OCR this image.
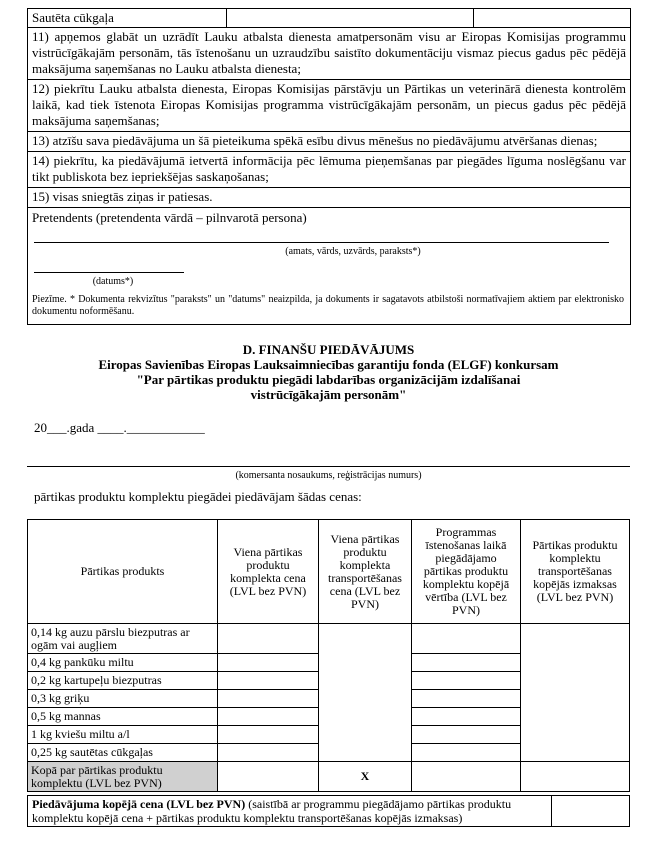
Sautēta cūkgaļa
11) apņemos glabāt un uzrādīt Lauku atbalsta dienesta amatpersonām visu ar Eiropas Komisijas programmu vistrūcīgākajām personām, tās īstenošanu un uzraudzību saistīto dokumentāciju vismaz piecus gadus pēc pēdējā maksājuma saņemšanas no Lauku atbalsta dienesta;
12) piekrītu Lauku atbalsta dienesta, Eiropas Komisijas pārstāvju un Pārtikas un veterinārā dienesta kontrolēm laikā, kad tiek īstenota Eiropas Komisijas programma vistrūcīgākajām personām, un piecus gadus pēc pēdējā maksājuma saņemšanas;
13) atzīšu sava piedāvājuma un šā pieteikuma spēkā esību divus mēnešus no piedāvājumu atvēršanas dienas;
14) piekrītu, ka piedāvājumā ietvertā informācija pēc lēmuma pieņemšanas par piegādes līguma noslēgšanu var tikt publiskota bez iepriekšējas saskaņošanas;
15) visas sniegtās ziņas ir patiesas.
Pretendents (pretendenta vārdā – pilnvarotā persona)
(amats, vārds, uzvārds, paraksts*)
(datums*)
Piezīme. * Dokumenta rekvizītus "paraksts" un "datums" neaizpilda, ja dokuments ir sagatavots atbilstoši normatīvajiem aktiem par elektronisko dokumentu noformēšanu.
D. FINANŠU PIEDĀVĀJUMS
Eiropas Savienības Eiropas Lauksaimniecības garantiju fonda (ELGF) konkursam
"Par pārtikas produktu piegādi labdarības organizācijām izdalīšanai
vistrūcīgākajām personām"
20___.gada ____.____________
(komersanta nosaukums, reģistrācijas numurs)
pārtikas produktu komplektu piegādei piedāvājam šādas cenas:
Pārtikas produkts	Viena pārtikas produktu komplekta cena (LVL bez PVN)	Viena pārtikas produktu komplekta transportēšanas cena (LVL bez PVN)	Programmas īstenošanas laikā piegādājamo pārtikas produktu komplektu kopējā vērtība (LVL bez PVN)	Pārtikas produktu komplektu transportēšanas kopējās izmaksas (LVL bez PVN)
0,14 kg auzu pārslu biezputras ar ogām vai augļiem				
0,4 kg pankūku miltu				
0,2 kg kartupeļu biezputras				
0,3 kg griķu				
0,5 kg mannas				
1 kg kviešu miltu a/l				
0,25 kg sautētas cūkgaļas				
Kopā par pārtikas produktu komplektu (LVL bez PVN)		X		
Piedāvājuma kopējā cena (LVL bez PVN) (saistībā ar programmu piegādājamo pārtikas produktu komplektu kopējā cena + pārtikas produktu komplektu transportēšanas kopējās izmaksas)	
